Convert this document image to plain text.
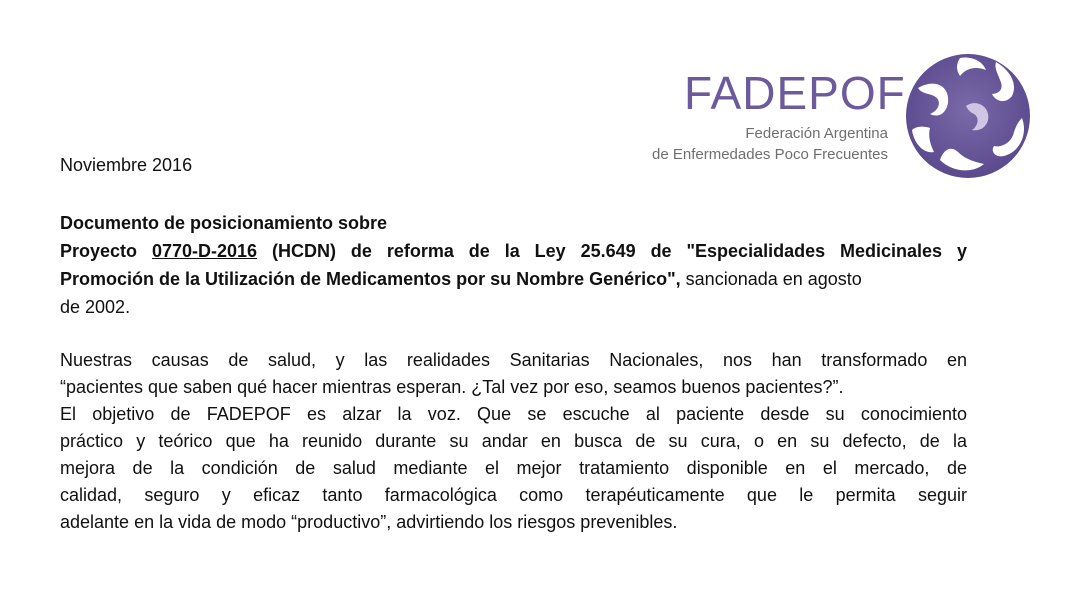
FADEPOF
Federación Argentina
de Enfermedades Poco Frecuentes
Noviembre 2016
Documento de posicionamiento sobre
Proyecto 0770-D-2016 (HCDN) de reforma de la Ley 25.649 de "Especialidades Medicinales y
Promoción de la Utilización de Medicamentos por su Nombre Genérico", sancionada en agosto
de 2002.
Nuestras causas de salud, y las realidades Sanitarias Nacionales, nos han transformado en
“pacientes que saben qué hacer mientras esperan. ¿Tal vez por eso, seamos buenos pacientes?”.
El objetivo de FADEPOF es alzar la voz. Que se escuche al paciente desde su conocimiento
práctico y teórico que ha reunido durante su andar en busca de su cura, o en su defecto, de la
mejora de la condición de salud mediante el mejor tratamiento disponible en el mercado, de
calidad, seguro y eficaz tanto farmacológica como terapéuticamente que le permita seguir
adelante en la vida de modo “productivo”, advirtiendo los riesgos prevenibles.
